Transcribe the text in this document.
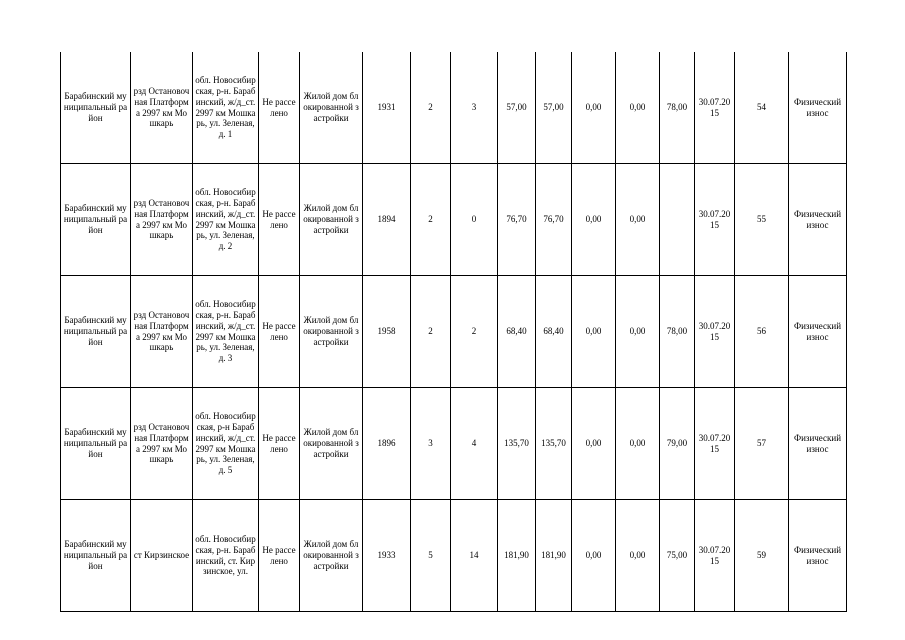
Барабинский муниципальный район	рзд Остановочная Платформа 2997 км Мошкарь	обл. Новосибирская, р-н. Барабинский, ж/д_ст. 2997 км Мошкарь, ул. Зеленая, д. 1	Не расселено	Жилой дом блокированной застройки	1931	2	3	57,00	57,00	0,00	0,00	78,00	30.07.2015	54	Физический износ
Барабинский муниципальный район	рзд Остановочная Платформа 2997 км Мошкарь	обл. Новосибирская, р-н. Барабинский, ж/д_ст. 2997 км Мошкарь, ул. Зеленая, д. 2	Не расселено	Жилой дом блокированной застройки	1894	2	0	76,70	76,70	0,00	0,00		30.07.2015	55	Физический износ
Барабинский муниципальный район	рзд Остановочная Платформа 2997 км Мошкарь	обл. Новосибирская, р-н. Барабинский, ж/д_ст. 2997 км Мошкарь, ул. Зеленая, д. 3	Не расселено	Жилой дом блокированной застройки	1958	2	2	68,40	68,40	0,00	0,00	78,00	30.07.2015	56	Физический износ
Барабинский муниципальный район	рзд Остановочная Платформа 2997 км Мошкарь	обл. Новосибирская, р-н Барабинский, ж/д_ст. 2997 км Мошкарь, ул. Зеленая, д. 5	Не расселено	Жилой дом блокированной застройки	1896	3	4	135,70	135,70	0,00	0,00	79,00	30.07.2015	57	Физический износ
Барабинский муниципальный район	ст Кирзинское	обл. Новосибирская, р-н. Барабинский, ст. Кирзинское, ул.	Не расселено	Жилой дом блокированной застройки	1933	5	14	181,90	181,90	0,00	0,00	75,00	30.07.2015	59	Физический износ
